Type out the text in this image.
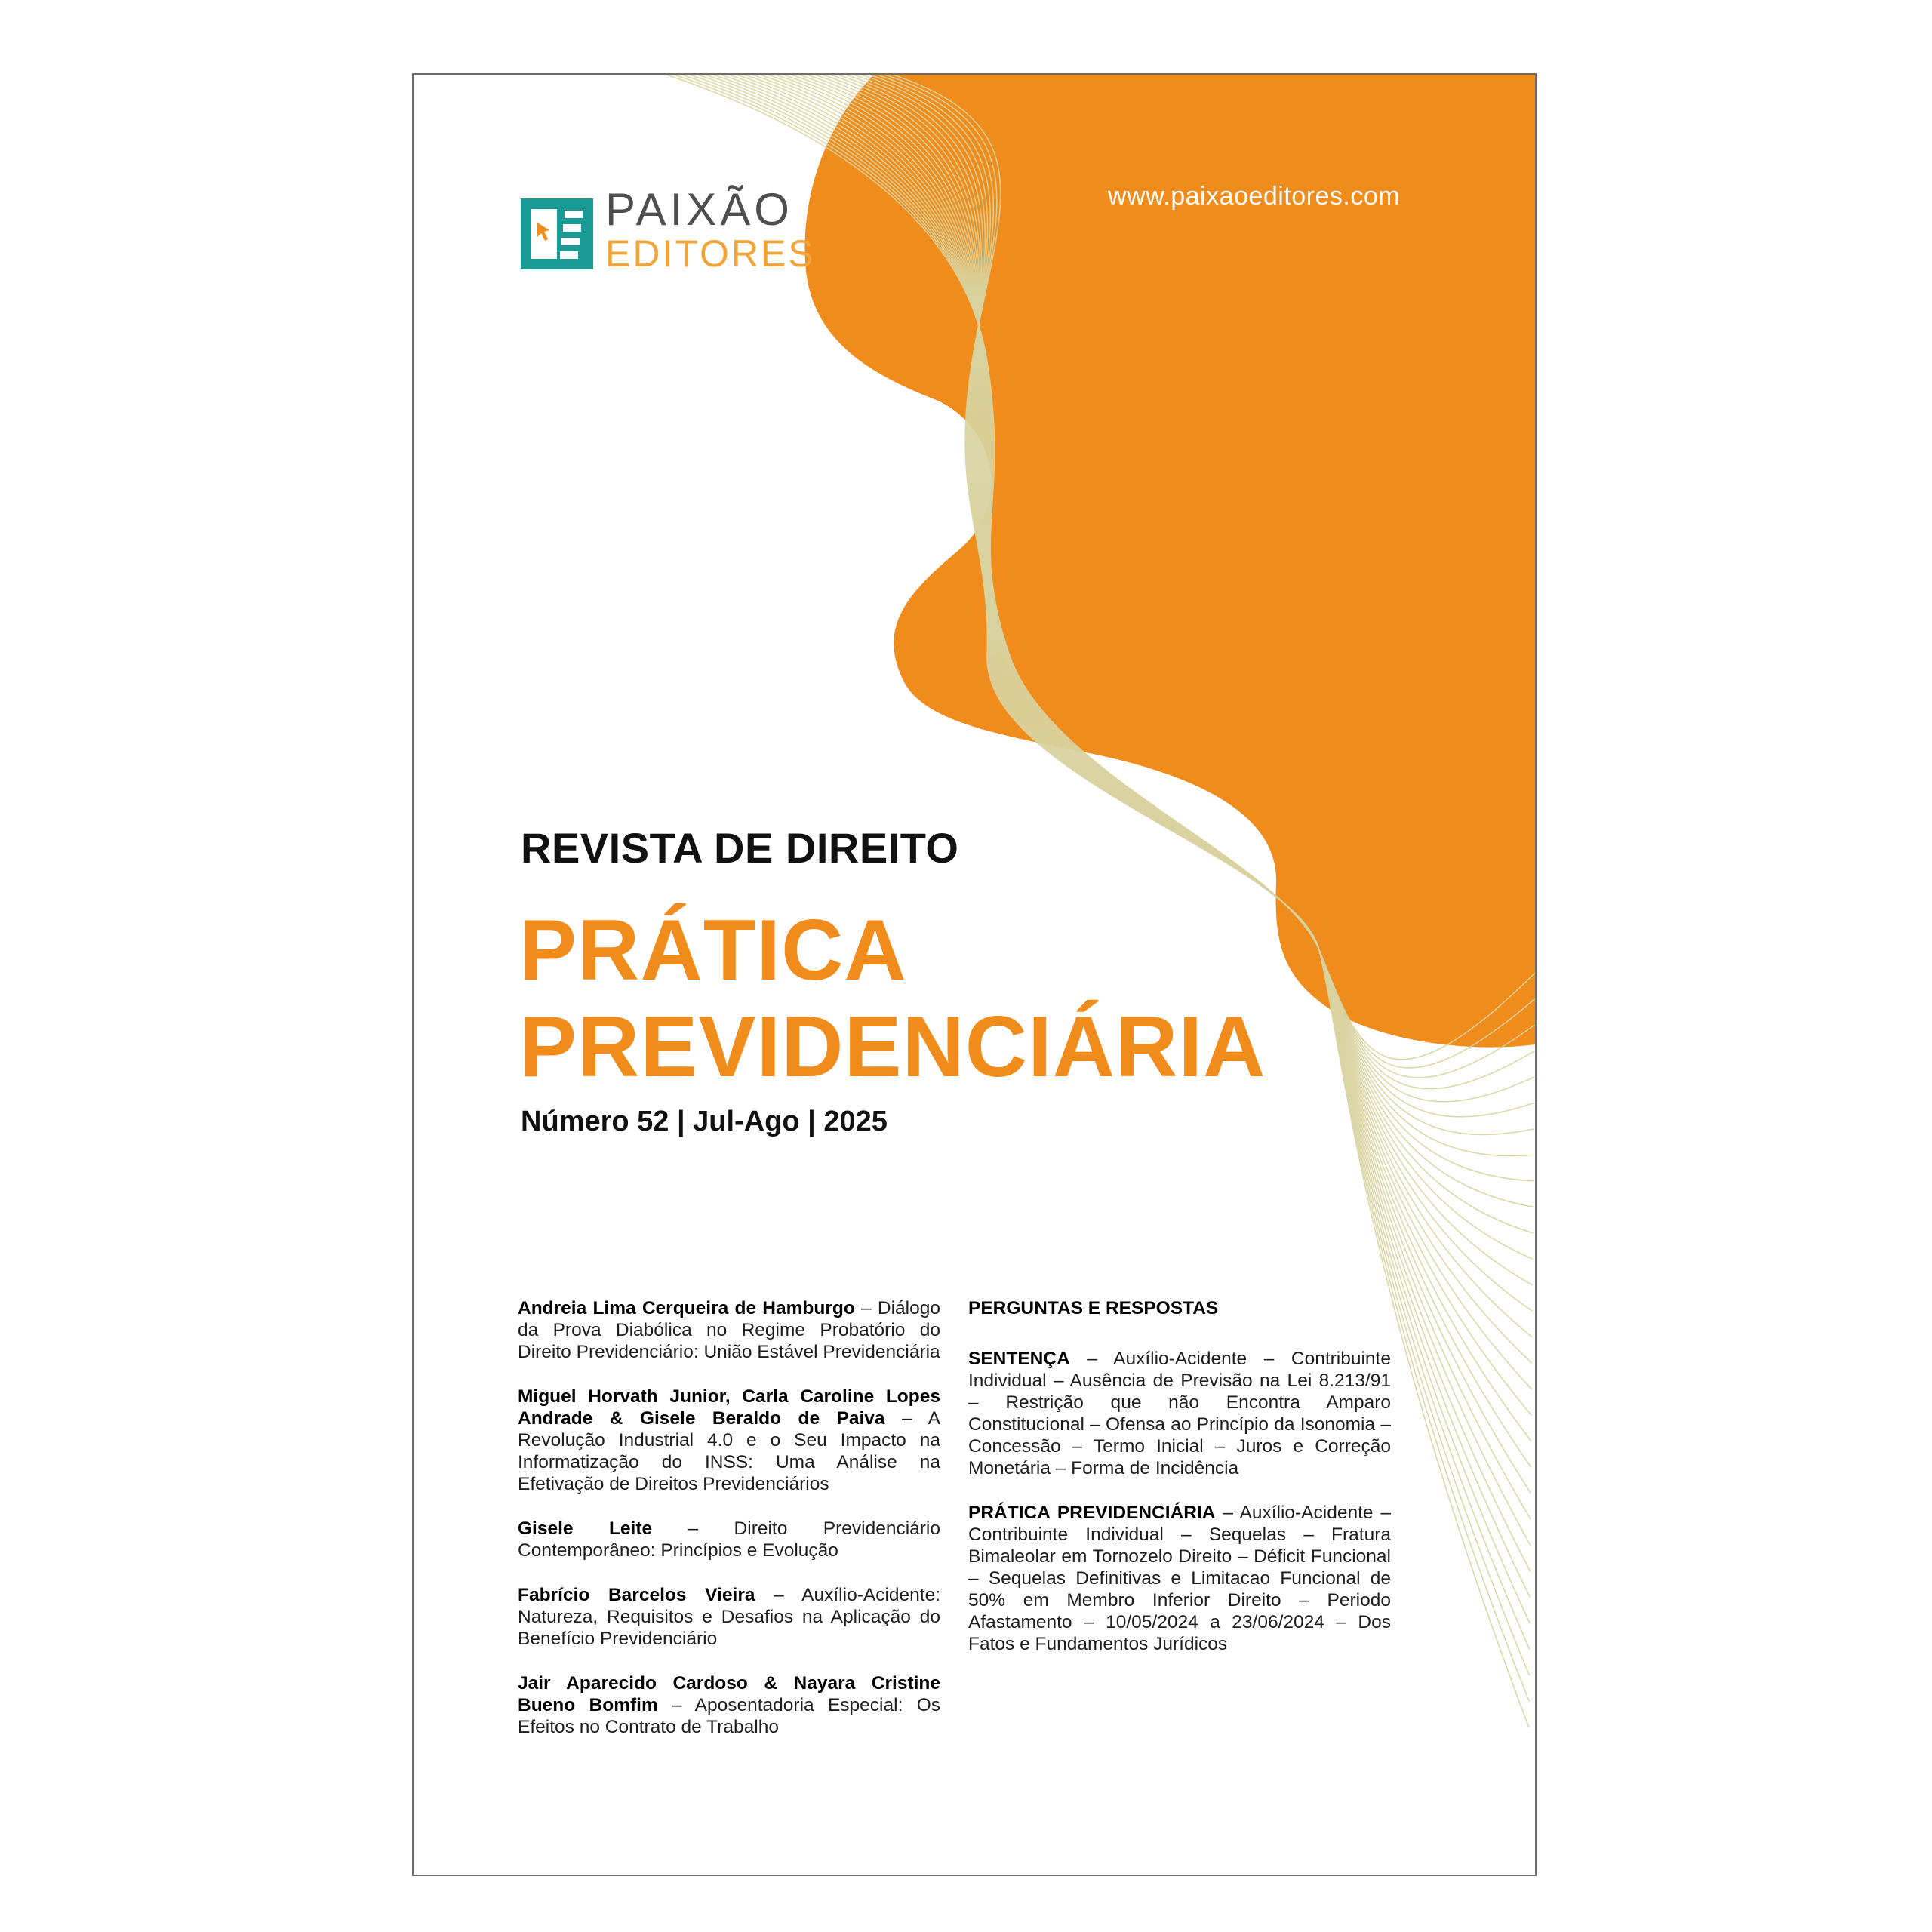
PAIXÃO
EDITORES
www.paixaoeditores.com
REVISTA DE DIREITO
PRÁTICA
PREVIDENCIÁRIA
Número 52 | Jul-Ago | 2025

Andreia Lima Cerqueira de Hamburgo – Diálogo da Prova Diabólica no Regime Probatório do Direito Previdenciário: União Estável Previdenciária

Miguel Horvath Junior, Carla Caroline Lopes Andrade & Gisele Beraldo de Paiva – A Revolução Industrial 4.0 e o Seu Impacto na Informatização do INSS: Uma Análise na Efetivação de Direitos Previdenciários

Gisele Leite – Direito Previdenciário Contemporâneo: Princípios e Evolução

Fabrício Barcelos Vieira – Auxílio-Acidente: Natureza, Requisitos e Desafios na Aplicação do Benefício Previdenciário

Jair Aparecido Cardoso & Nayara Cristine Bueno Bomfim – Aposentadoria Especial: Os Efeitos no Contrato de Trabalho

PERGUNTAS E RESPOSTAS

SENTENÇA – Auxílio-Acidente – Contribuinte Individual – Ausência de Previsão na Lei 8.213/91 – Restrição que não Encontra Amparo Constitucional – Ofensa ao Princípio da Isonomia – Concessão – Termo Inicial – Juros e Correção Monetária – Forma de Incidência

PRÁTICA PREVIDENCIÁRIA – Auxílio-Acidente – Contribuinte Individual – Sequelas – Fratura Bimaleolar em Tornozelo Direito – Déficit Funcional – Sequelas Definitivas e Limitacao Funcional de 50% em Membro Inferior Direito – Periodo Afastamento – 10/05/2024 a 23/06/2024 – Dos Fatos e Fundamentos Jurídicos
